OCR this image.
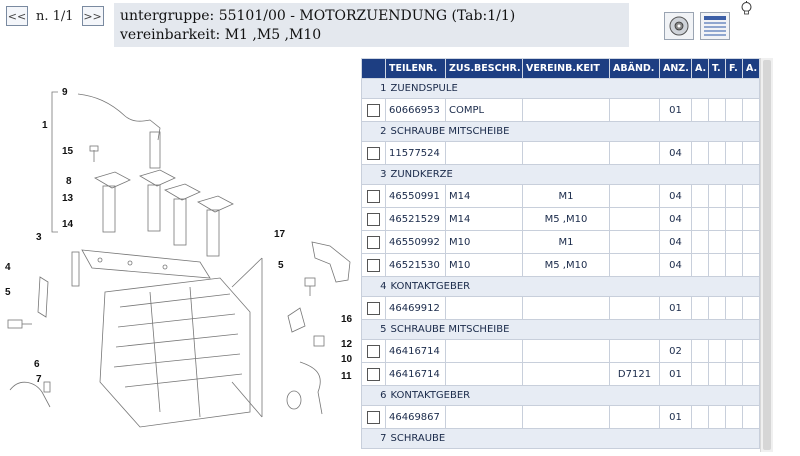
<< n. 1/1 >> untergruppe: 55101/00 - MOTORZUENDUNG (Tab:1/1)
vereinbarkeit: M1 ,M5 ,M10
9
1
15
8
13
14
3
4
5
17
5
16
12
10
11
6
7
	TEILENR.	ZUS.BESCHR.	VEREINB.KEIT	ABÄND.	ANZ.	A.	T.	F.	A.
	1 ZUENDSPULE								
	60666953	COMPL			01				
	2 SCHRAUBE MITSCHEIBE								
	11577524				04				
	3 ZUNDKERZE								
	46550991	M14	M1		04				
	46521529	M14	M5 ,M10		04				
	46550992	M10	M1		04				
	46521530	M10	M5 ,M10		04				
	4 KONTAKTGEBER								
	46469912				01				
	5 SCHRAUBE MITSCHEIBE								
	46416714				02				
	46416714			D7121	01				
	6 KONTAKTGEBER								
	46469867				01				
	7 SCHRAUBE								
